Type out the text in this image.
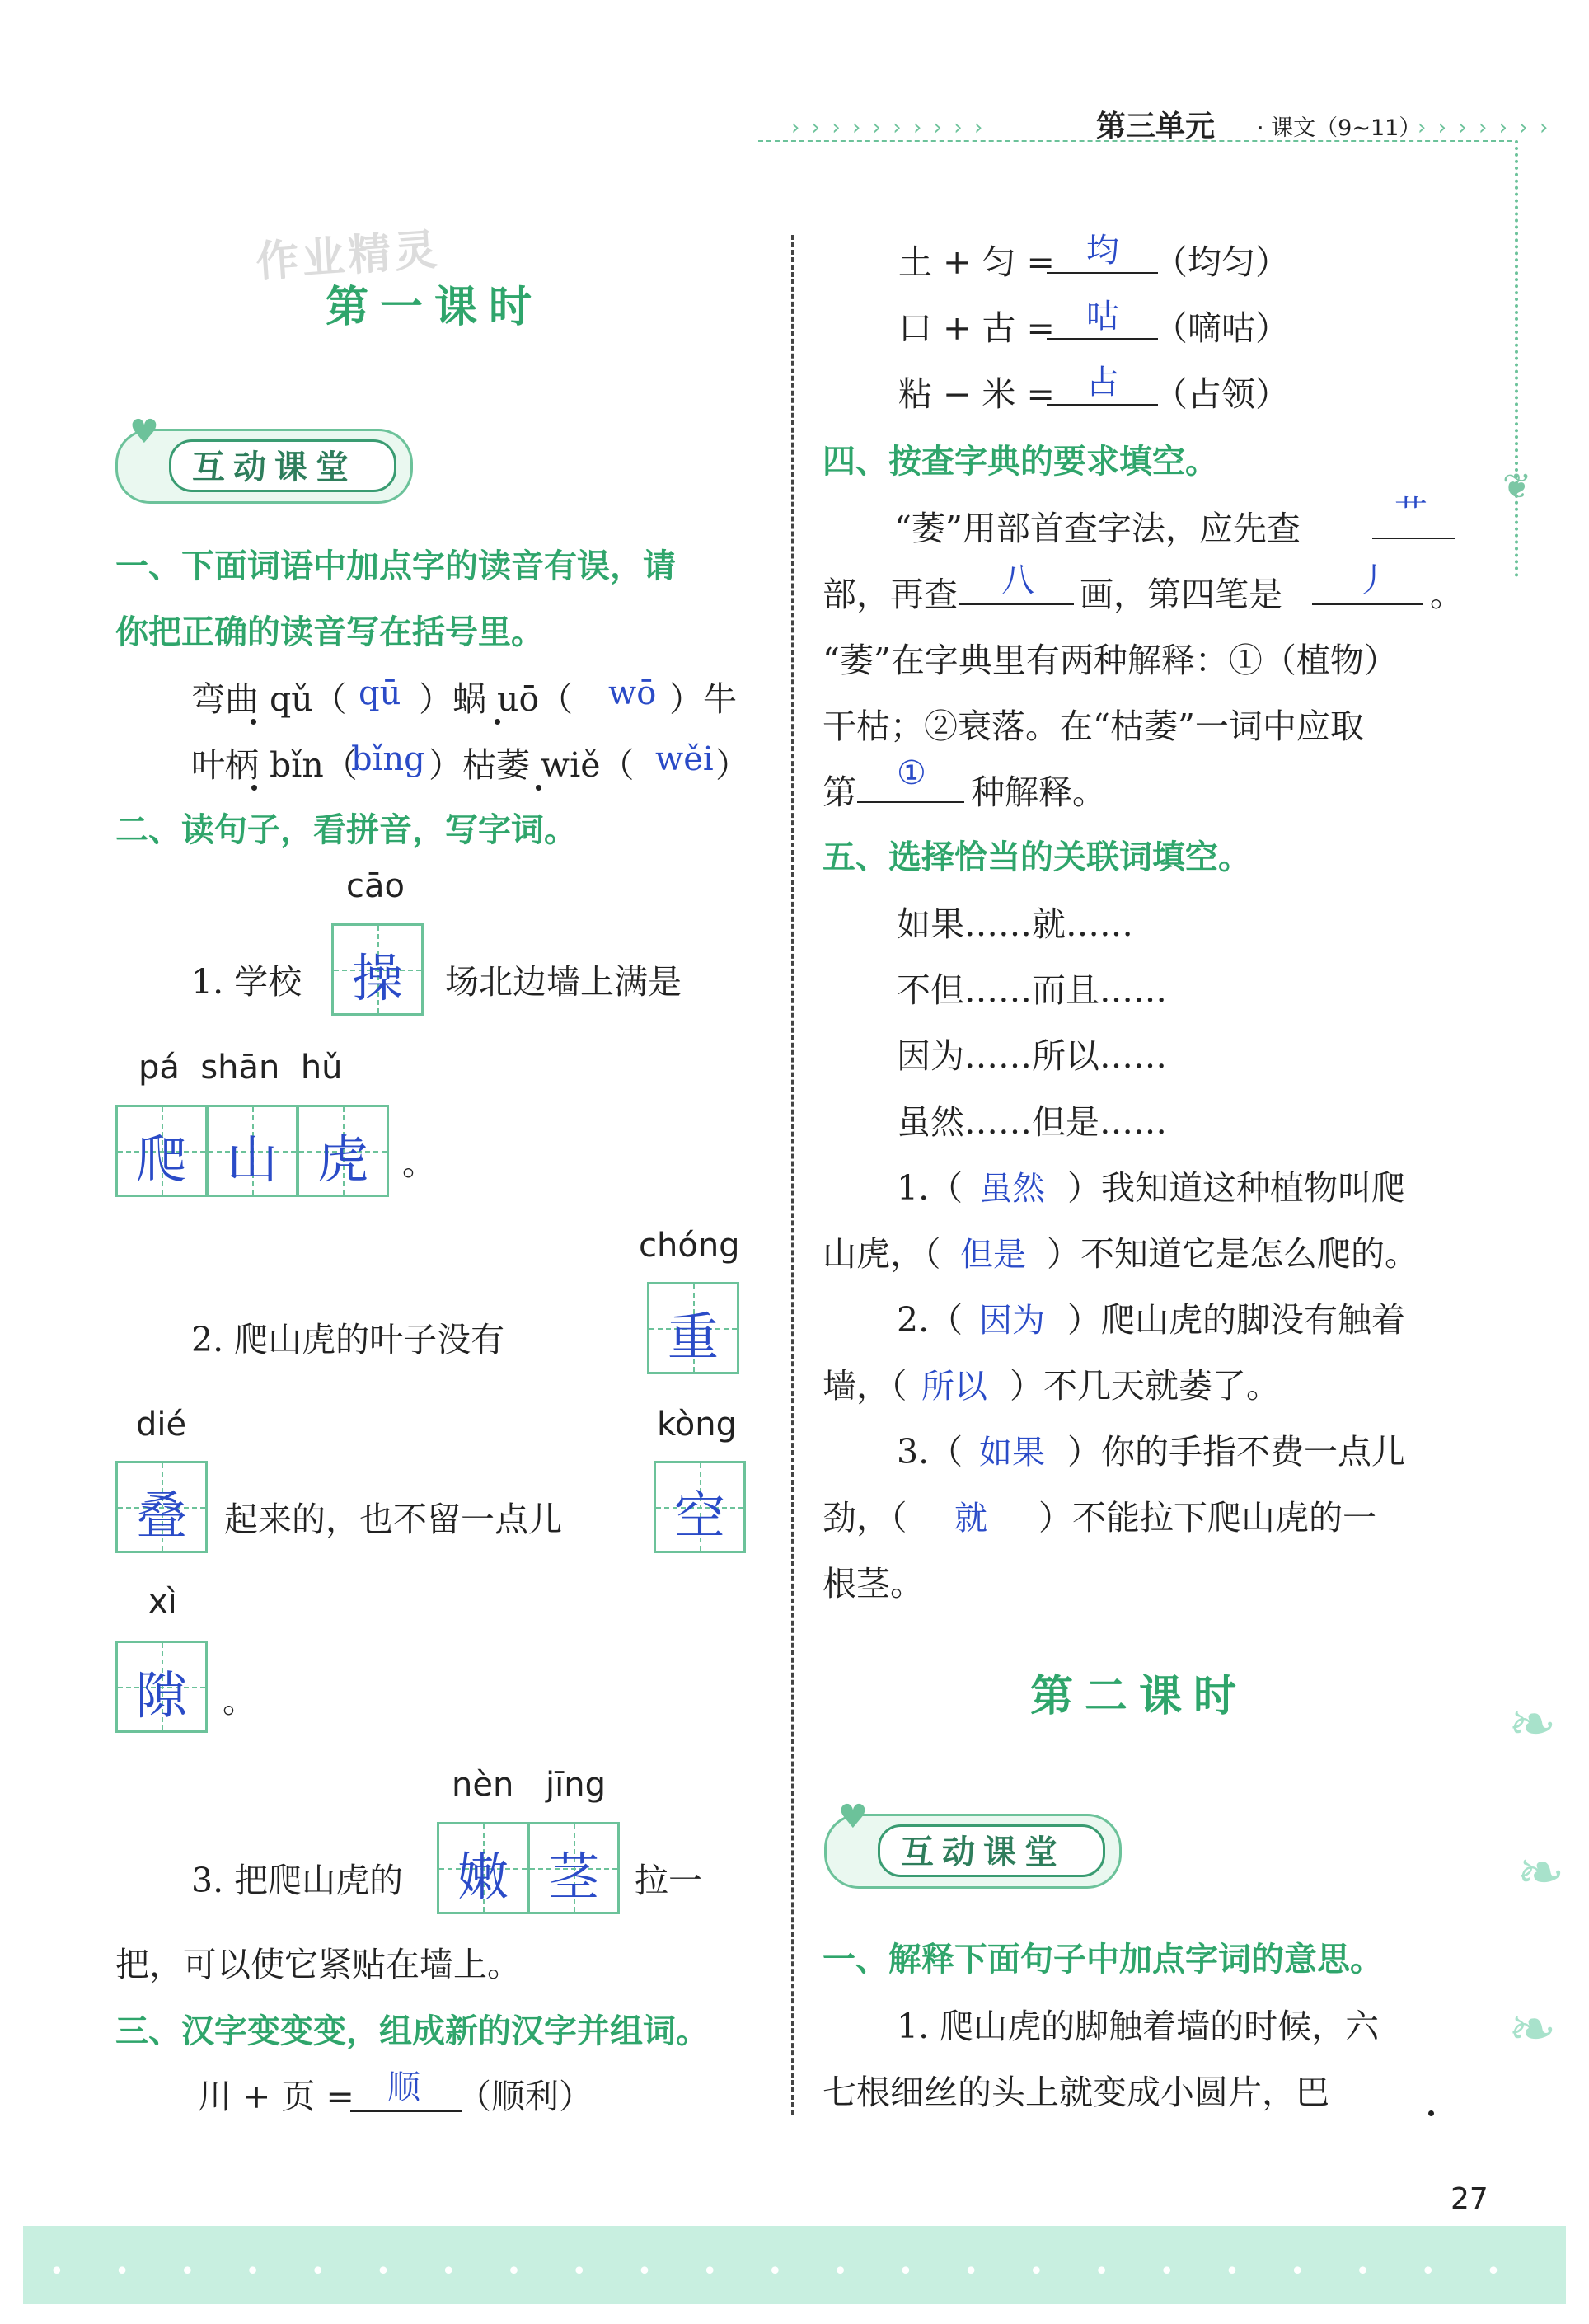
› › › › › › › › › ›	第三单元 · 课文（9~11）
› › › › › › ›
❦
作业精灵
第一课时
♥
互动课堂
一、下面词语中加点字的读音有误，请
你把正确的读音写在括号里。
弯曲 qǔ（ qū ）蜗 uō（ wō ）牛
叶柄 bǐn（
bǐng ）枯萎 wiě（ wěi ）
二、读句子，看拼音，写字词。
cāo
1. 学校 操	场北边墙上满是
pá  shān  hǔ
爬 山 虎	。
chóng
2. 爬山虎的叶子没有	重
dié	kòng
叠	起来的，也不留一点儿	空
xì
隙	。
nèn jīng
3. 把爬山虎的	嫩 茎	拉一
把，可以使它紧贴在墙上。
三、汉字变变变，组成新的汉字并组词。
川 + 页 = 顺 （顺利）
土 + 匀 = 均 （均匀）
口 + 古 = 咕 （嘀咕）
粘 − 米 = 占 （占领）
四、按查字典的要求填空。
“萎”用部首查字法，应先查	艹
部，再查 八 画，第四笔是 丿 。
“萎”在字典里有两种解释：①（植物）
干枯；②衰落。在“枯萎”一词中应取
第 ① 种解释。
五、选择恰当的关联词填空。
如果……就……
不但……而且……
因为……所以……
虽然……但是……
1.（ 虽然 ）我知道这种植物叫爬
山虎，（ 但是 ）不知道它是怎么爬的。
2.（ 因为 ）爬山虎的脚没有触着
墙，（ 所以 ）不几天就萎了。
3.（ 如果 ）你的手指不费一点儿
劲，（ 就 ）不能拉下爬山虎的一
根茎。
第二课时
♥
互动课堂
一、解释下面句子中加点字词的意思。
1. 爬山虎的脚触着墙的时候，六
七根细丝的头上就变成小圆片，巴
❧
❧
❧
• • • • • • • • • • • • • • • • • • • • • • •
27
